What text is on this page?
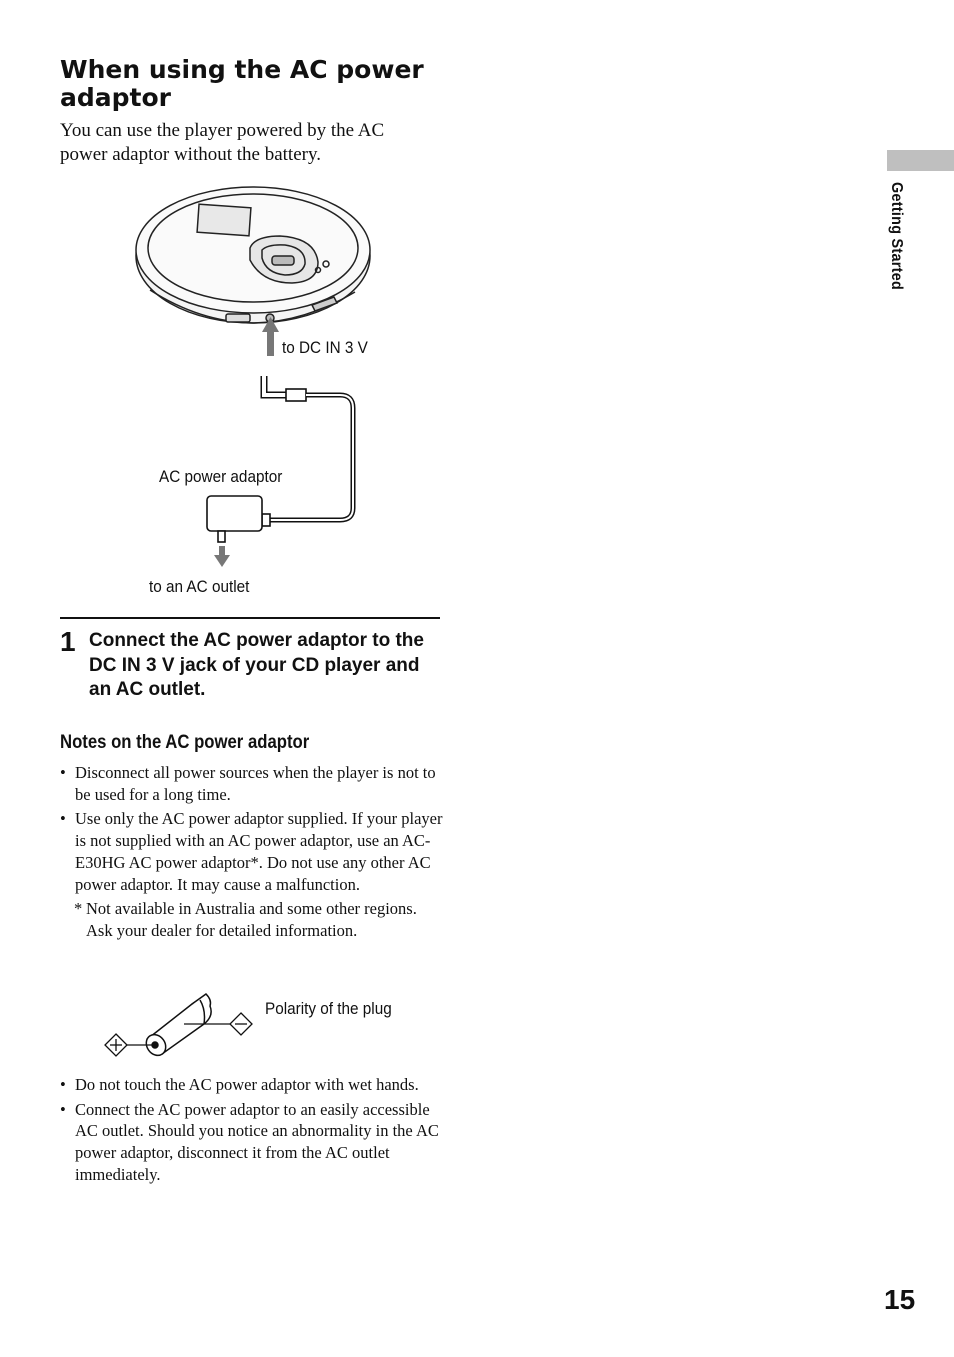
When using the AC power adaptor

You can use the player powered by the AC power adaptor without the battery.

to DC IN 3 V
AC power adaptor
to an AC outlet
1 Connect the AC power adaptor to the DC IN 3 V jack of your CD player and an AC outlet.
Notes on the AC power adaptor

• Disconnect all power sources when the player is not to be used for a long time.

• Use only the AC power adaptor supplied. If your player is not supplied with an AC power adaptor, use an AC-E30HG AC power adaptor*. Do not use any other AC power adaptor. It may cause a malfunction.

* Not available in Australia and some other regions. Ask your dealer for detailed information.

Polarity of the plug

• Do not touch the AC power adaptor with wet hands.

• Connect the AC power adaptor to an easily accessible AC outlet. Should you notice an abnormality in the AC power adaptor, disconnect it from the AC outlet immediately.

Getting Started
15
